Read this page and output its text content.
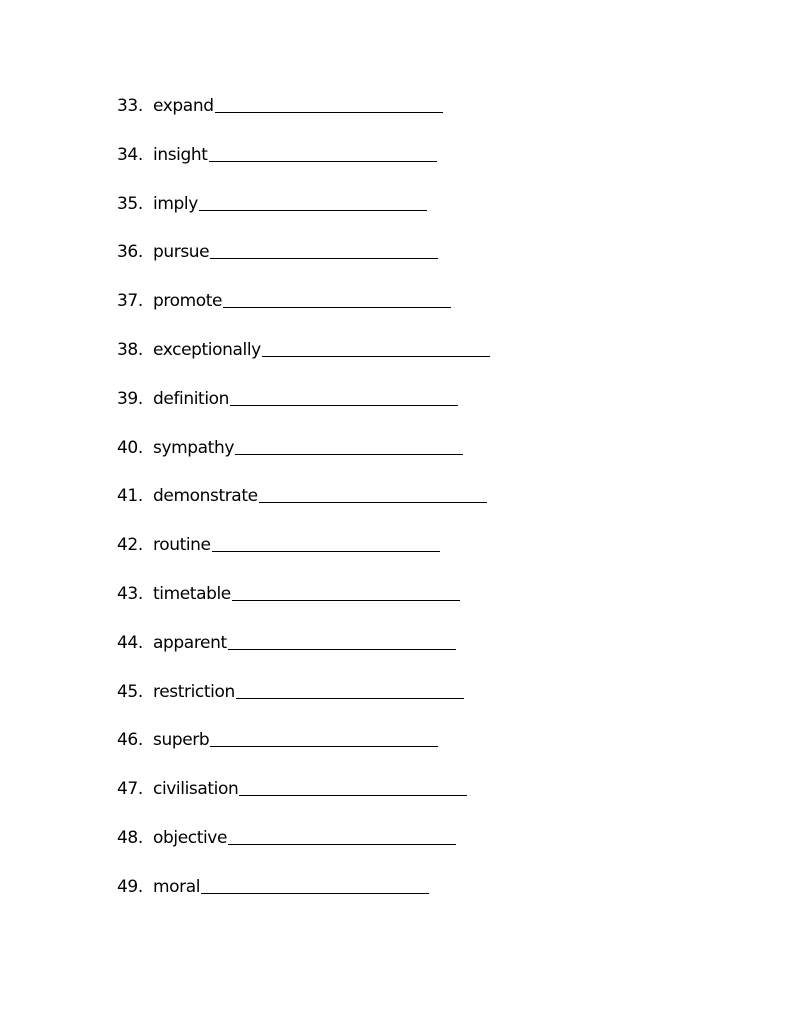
33. expand
34. insight
35. imply
36. pursue
37. promote
38. exceptionally
39. definition
40. sympathy
41. demonstrate
42. routine
43. timetable
44. apparent
45. restriction
46. superb
47. civilisation
48. objective
49. moral
